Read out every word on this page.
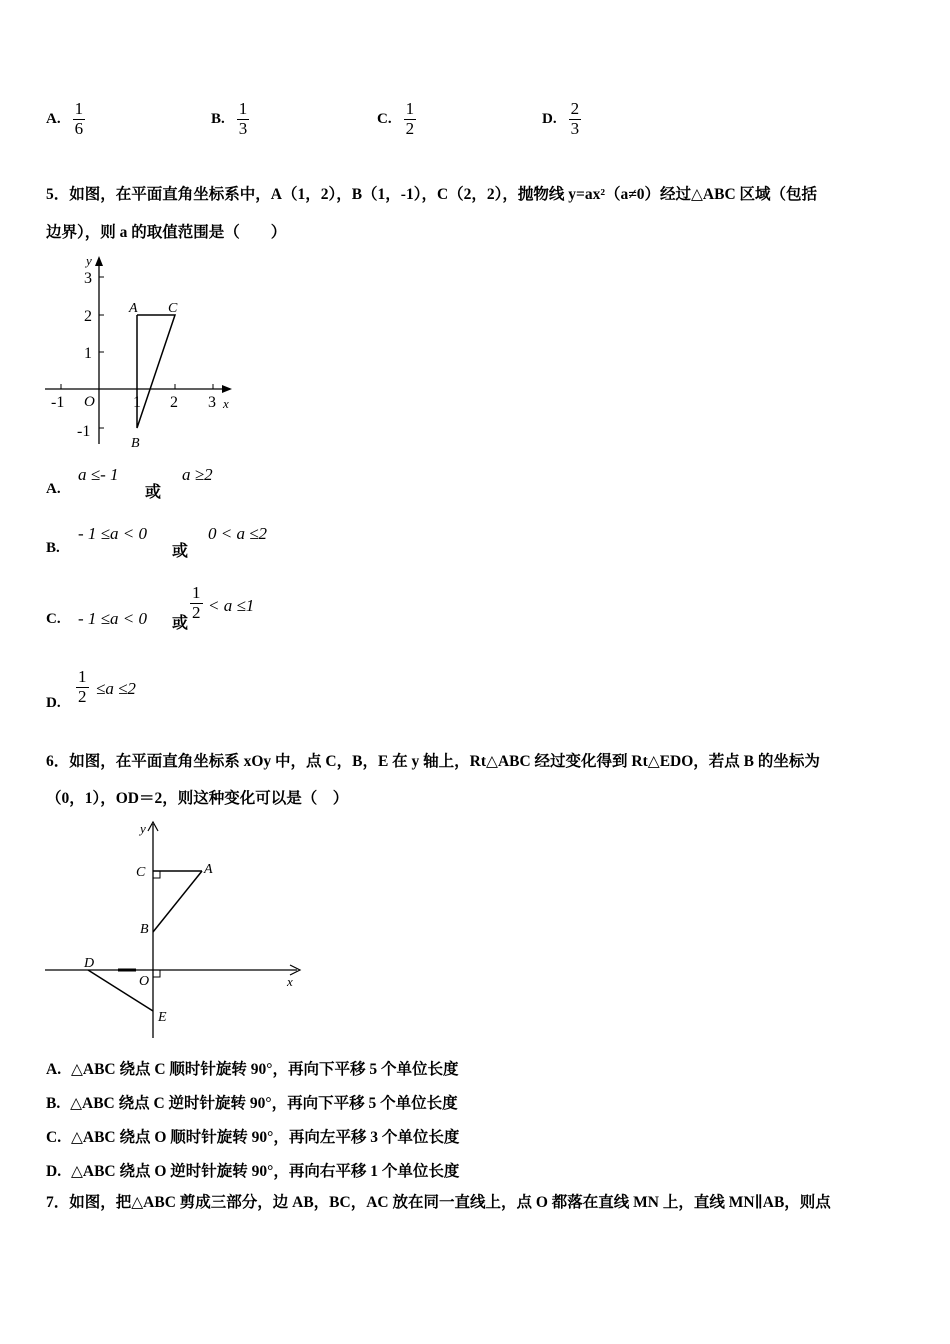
A. $\frac{1}{6}$	B. $\frac{1}{3}$	C. $\frac{1}{2}$	D. $\frac{2}{3}$
5．如图，在平面直角坐标系中，A（1，2），B（1，-1），C（2，2），抛物线 y=ax²（a≠0）经过△ABC 区域（包括
边界），则 a 的取值范围是（　　）
y
x
O
-1	1 2 3
3
2
1
-1
A C
B
A.
a ≤- 1
或
a ≥2
B.
- 1 ≤a < 0
或
0 < a ≤2
C. - 1 ≤a < 0 或
$\frac{1}{2} < a \le 1$
D. $\frac{1}{2} \le a \le 2$
6．如图，在平面直角坐标系 xOy 中，点 C，B，E 在 y 轴上，Rt△ABC 经过变化得到 Rt△EDO，若点 B 的坐标为
（0，1），OD＝2，则这种变化可以是（　）
y
x
O
C	A
B
D
E
A. △ABC 绕点 C 顺时针旋转 90°，再向下平移 5 个单位长度
B. △ABC 绕点 C 逆时针旋转 90°，再向下平移 5 个单位长度
C. △ABC 绕点 O 顺时针旋转 90°，再向左平移 3 个单位长度
D. △ABC 绕点 O 逆时针旋转 90°，再向右平移 1 个单位长度
7．如图，把△ABC 剪成三部分，边 AB，BC，AC 放在同一直线上，点 O 都落在直线 MN 上，直线 MN∥AB，则点
